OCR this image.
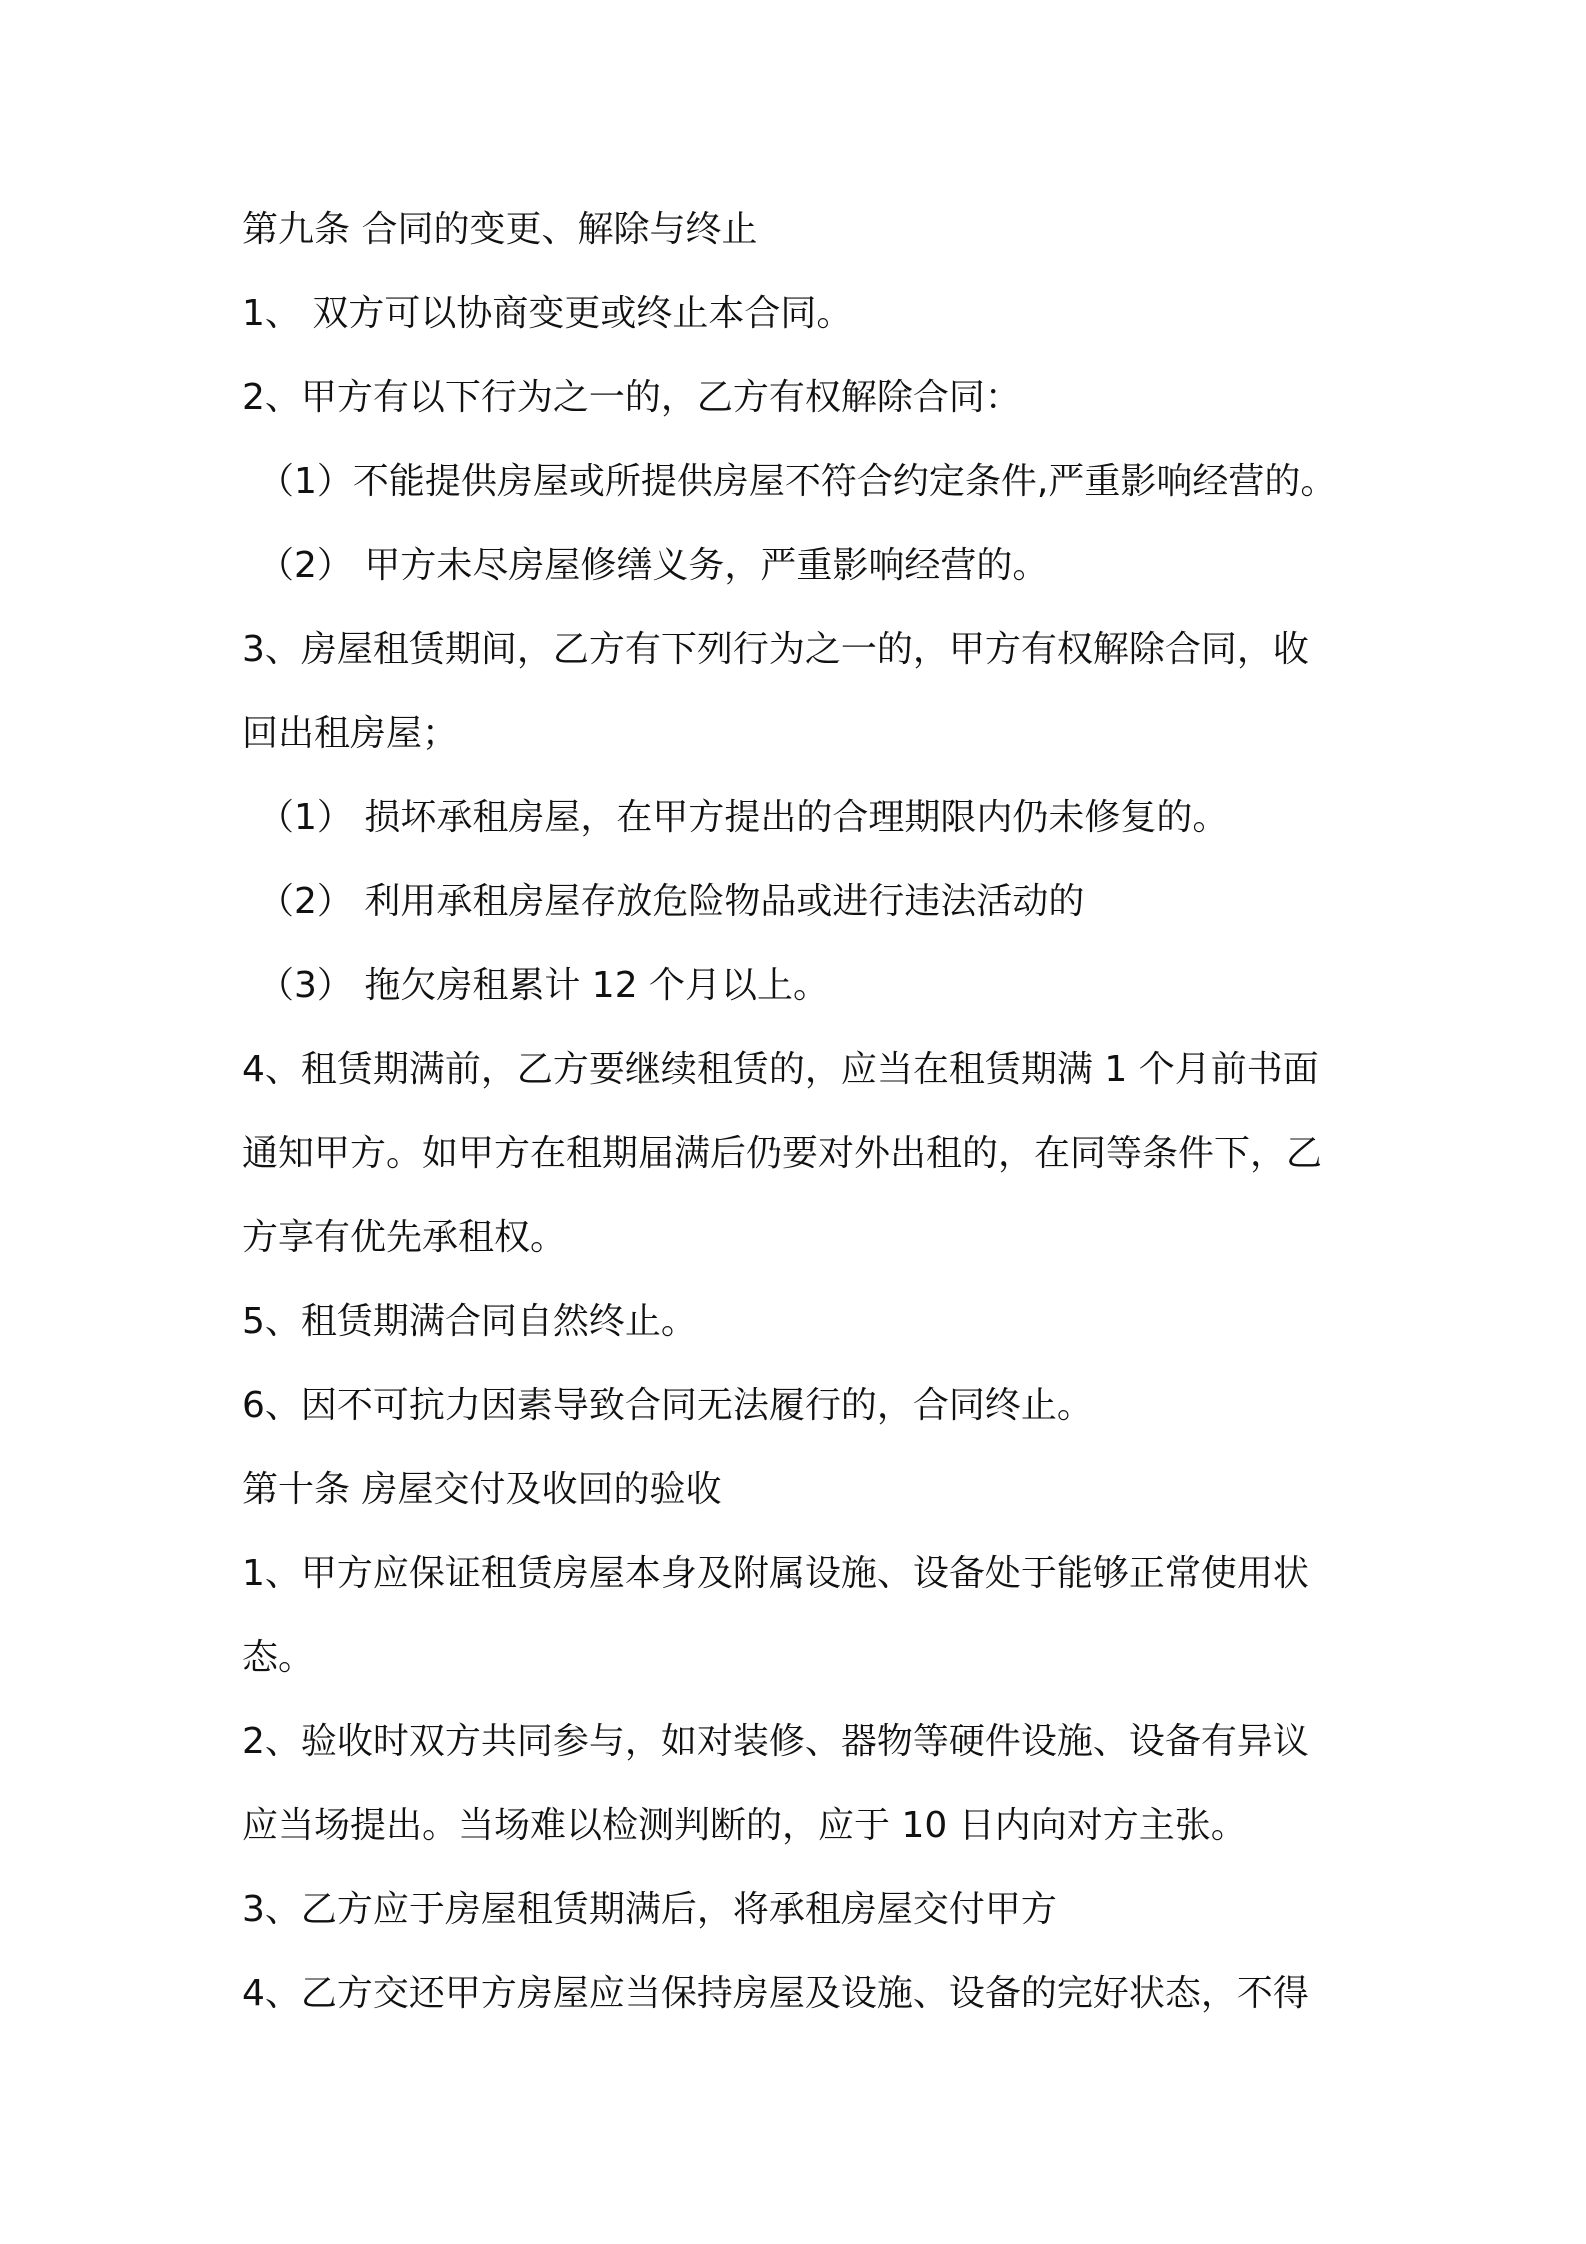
第九条 合同的变更、解除与终止
1、 双方可以协商变更或终止本合同。
2、甲方有以下行为之一的，乙方有权解除合同：
（1）不能提供房屋或所提供房屋不符合约定条件,严重影响经营的。
（2） 甲方未尽房屋修缮义务，严重影响经营的。
3、房屋租赁期间，乙方有下列行为之一的，甲方有权解除合同，收
回出租房屋；
（1） 损坏承租房屋，在甲方提出的合理期限内仍未修复的。
（2） 利用承租房屋存放危险物品或进行违法活动的
（3） 拖欠房租累计 12 个月以上。
4、租赁期满前，乙方要继续租赁的，应当在租赁期满 1 个月前书面
通知甲方。如甲方在租期届满后仍要对外出租的，在同等条件下，乙
方享有优先承租权。
5、租赁期满合同自然终止。
6、因不可抗力因素导致合同无法履行的，合同终止。
第十条 房屋交付及收回的验收
1、甲方应保证租赁房屋本身及附属设施、设备处于能够正常使用状
态。
2、验收时双方共同参与，如对装修、器物等硬件设施、设备有异议
应当场提出。当场难以检测判断的，应于 10 日内向对方主张。
3、乙方应于房屋租赁期满后，将承租房屋交付甲方
4、乙方交还甲方房屋应当保持房屋及设施、设备的完好状态，不得
